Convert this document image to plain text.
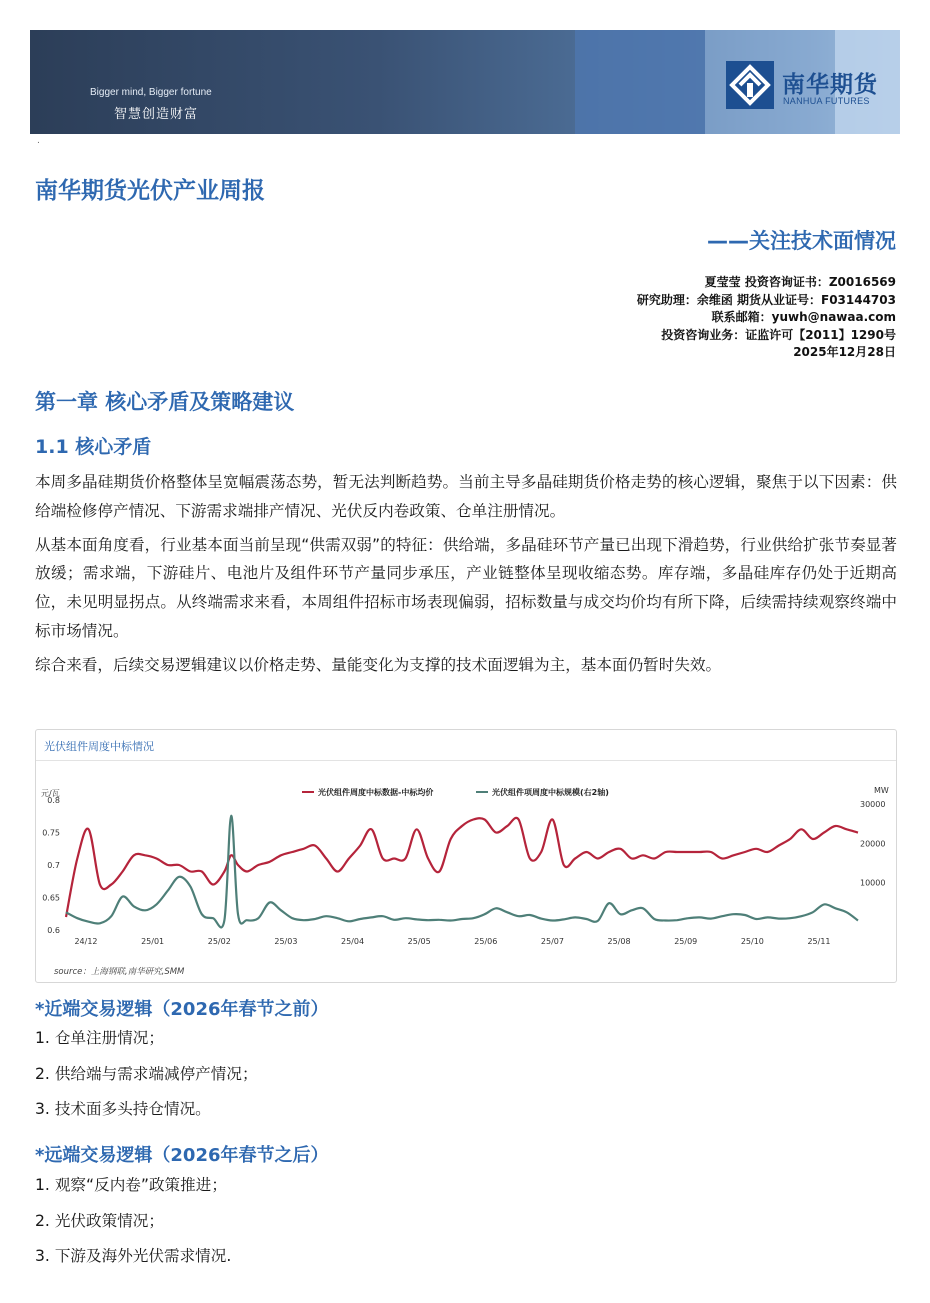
Bigger mind, Bigger fortune
智慧创造财富
南华期货
NANHUA FUTURES
.
南华期货光伏产业周报
——关注技术面情况
夏莹莹 投资咨询证书：Z0016569
研究助理：余维函 期货从业证号：F03144703
联系邮箱：yuwh@nawaa.com
投资咨询业务：证监许可【2011】1290号
2025年12月28日
第一章 核心矛盾及策略建议
1.1 核心矛盾

本周多晶硅期货价格整体呈宽幅震荡态势，暂无法判断趋势。当前主导多晶硅期货价格走势的核心逻辑，聚焦于以下因素：供给端检修停产情况、下游需求端排产情况、光伏反内卷政策、仓单注册情况。

从基本面角度看，行业基本面当前呈现“供需双弱”的特征：供给端，多晶硅环节产量已出现下滑趋势，行业供给扩张节奏显著放缓；需求端，下游硅片、电池片及组件环节产量同步承压，产业链整体呈现收缩态势。库存端，多晶硅库存仍处于近期高位，未见明显拐点。从终端需求来看，本周组件招标市场表现偏弱，招标数量与成交均价均有所下降，后续需持续观察终端中标市场情况。

综合来看，后续交易逻辑建议以价格走势、量能变化为支撑的技术面逻辑为主，基本面仍暂时失效。

光伏组件周度中标情况
元/瓦	MW
0.8
0.75
0.7
0.65
0.6
30000
20000
10000
24/12	25/01	25/02	25/03	25/04	25/05	25/06	25/07	25/08	25/09	25/10	25/11
光伏组件周度中标数据-中标均价	光伏组件项周度中标规模(右2轴)
source：上海钢联,南华研究,SMM
*近端交易逻辑（2026年春节之前）
1. 仓单注册情况；
2. 供给端与需求端减停产情况；
3. 技术面多头持仓情况。
*远端交易逻辑（2026年春节之后）
1. 观察“反内卷”政策推进；
2. 光伏政策情况；
3. 下游及海外光伏需求情况.
